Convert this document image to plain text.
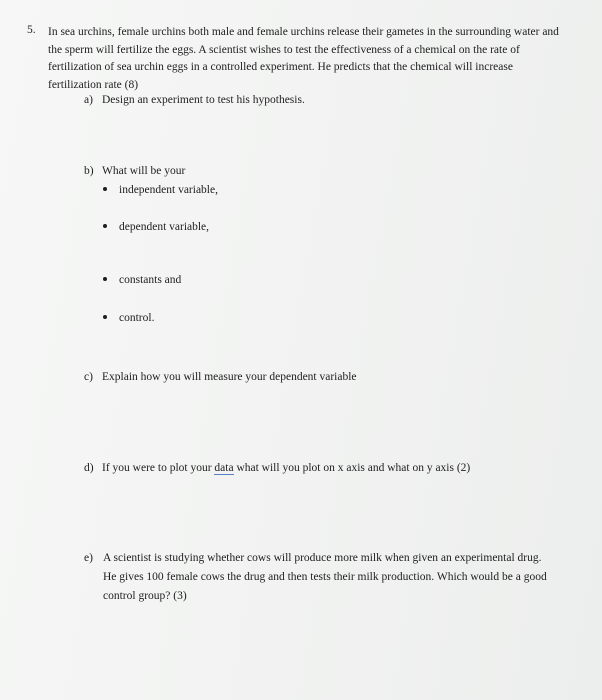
5. In sea urchins, female urchins both male and female urchins release their gametes in the surrounding water and the sperm will fertilize the eggs. A scientist wishes to test the effectiveness of a chemical on the rate of fertilization of sea urchin eggs in a controlled experiment. He predicts that the chemical will increase fertilization rate (8)

a) Design an experiment to test his hypothesis.

b) What will be your

independent variable,
dependent variable,
constants and
control.

c) Explain how you will measure your dependent variable

d) If you were to plot your data what will you plot on x axis and what on y axis (2)

e) A scientist is studying whether cows will produce more milk when given an experimental drug.

He gives 100 female cows the drug and then tests their milk production. Which would be a good

control group? (3)
